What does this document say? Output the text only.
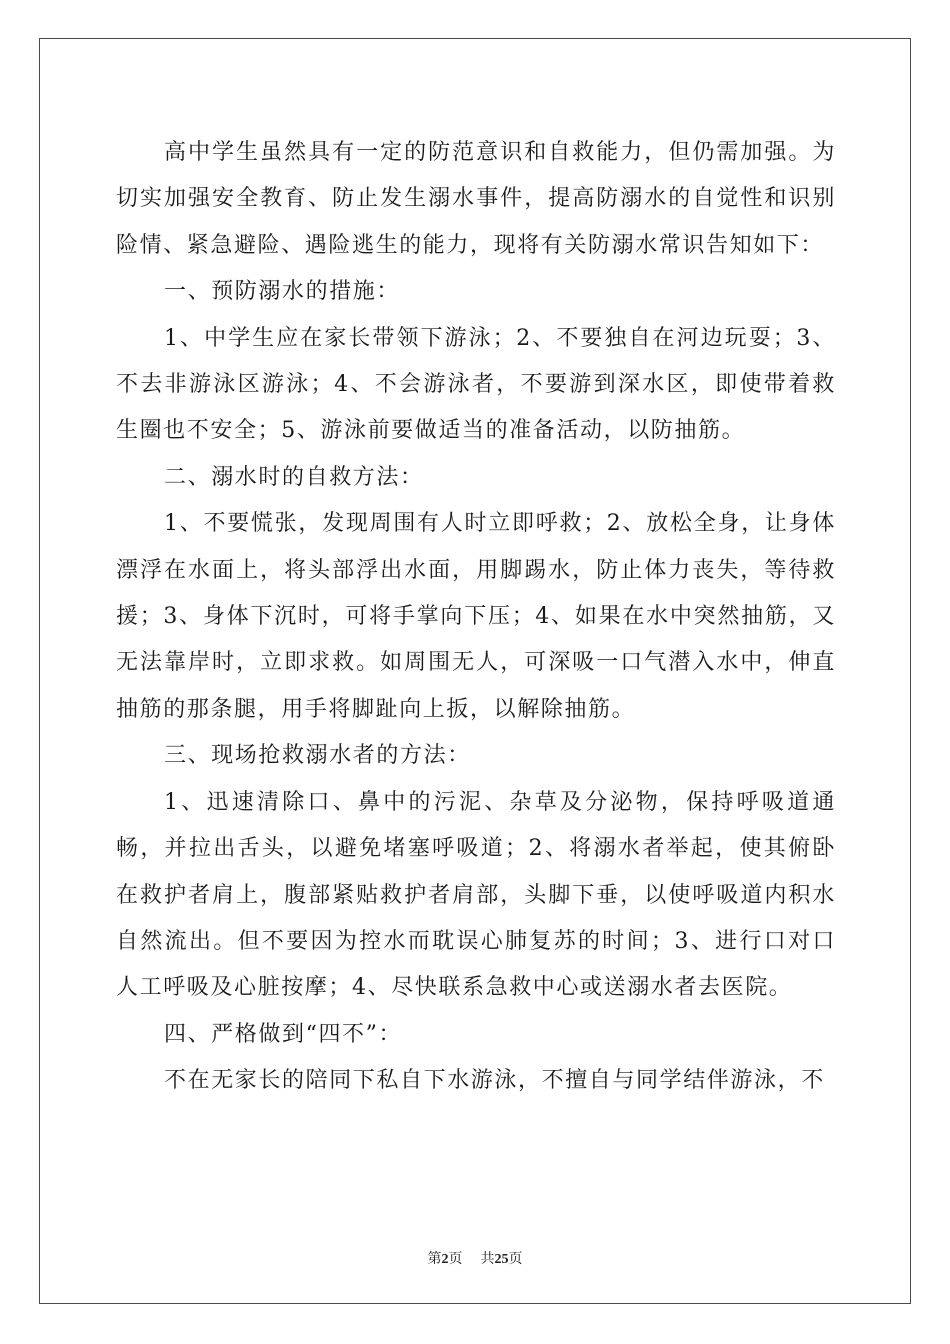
高中学生虽然具有一定的防范意识和自救能力，但仍需加强。为切实加强安全教育、防止发生溺水事件，提高防溺水的自觉性和识别险情、紧急避险、遇险逃生的能力，现将有关防溺水常识告知如下：

一、预防溺水的措施：

1、中学生应在家长带领下游泳；2、不要独自在河边玩耍；3、不去非游泳区游泳；4、不会游泳者，不要游到深水区，即使带着救生圈也不安全；5、游泳前要做适当的准备活动，以防抽筋。

二、溺水时的自救方法：

1、不要慌张，发现周围有人时立即呼救；2、放松全身，让身体漂浮在水面上，将头部浮出水面，用脚踢水，防止体力丧失，等待救援；3、身体下沉时，可将手掌向下压；4、如果在水中突然抽筋，又无法靠岸时，立即求救。如周围无人，可深吸一口气潜入水中，伸直抽筋的那条腿，用手将脚趾向上扳，以解除抽筋。

三、现场抢救溺水者的方法：

1、迅速清除口、鼻中的污泥、杂草及分泌物，保持呼吸道通畅，并拉出舌头，以避免堵塞呼吸道；2、将溺水者举起，使其俯卧在救护者肩上，腹部紧贴救护者肩部，头脚下垂，以使呼吸道内积水自然流出。但不要因为控水而耽误心肺复苏的时间；3、进行口对口人工呼吸及心脏按摩；4、尽快联系急救中心或送溺水者去医院。

四、严格做到“四不”：

不在无家长的陪同下私自下水游泳，不擅自与同学结伴游泳，不

第2页 共25页
